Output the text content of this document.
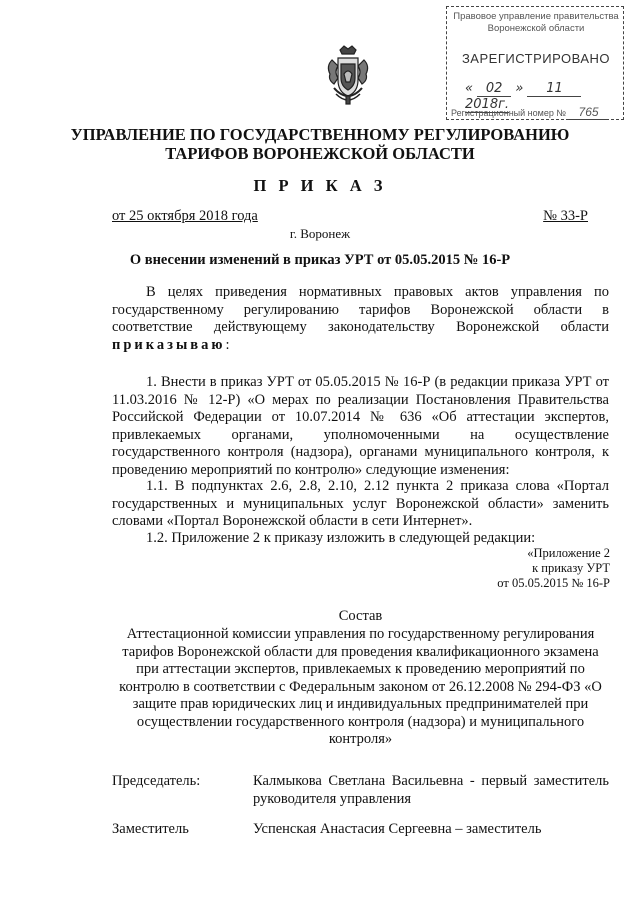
Правовое управление правительства
Воронежской области
ЗАРЕГИСТРИРОВАНО
« 02 » 11 2018г.
Регистрационный номер № 765
УПРАВЛЕНИЕ ПО ГОСУДАРСТВЕННОМУ РЕГУЛИРОВАНИЮ
ТАРИФОВ ВОРОНЕЖСКОЙ ОБЛАСТИ
П Р И К А З
от 25 октября 2018 года	№ 33-Р
г. Воронеж
О внесении изменений в приказ УРТ от 05.05.2015 № 16-Р
В целях приведения нормативных правовых актов управления по государственному регулированию тарифов Воронежской области в соответствие действующему законодательству Воронежской области приказываю:
1. Внести в приказ УРТ от 05.05.2015 № 16-Р (в редакции приказа УРТ от 11.03.2016 № 12-Р) «О мерах по реализации Постановления Правительства Российской Федерации от 10.07.2014 № 636 «Об аттестации экспертов, привлекаемых органами, уполномоченными на осуществление государственного контроля (надзора), органами муниципального контроля, к проведению мероприятий по контролю» следующие изменения:
1.1. В подпунктах 2.6, 2.8, 2.10, 2.12 пункта 2 приказа слова «Портал государственных и муниципальных услуг Воронежской области» заменить словами «Портал Воронежской области в сети Интернет».
1.2. Приложение 2 к приказу изложить в следующей редакции:
«Приложение 2
к приказу УРТ
от 05.05.2015 № 16-Р
Состав
Аттестационной комиссии управления по государственному регулирования тарифов Воронежской области для проведения квалификационного экзамена при аттестации экспертов, привлекаемых к проведению мероприятий по контролю в соответствии с Федеральным законом от 26.12.2008 № 294-ФЗ «О защите прав юридических лиц и индивидуальных предпринимателей при осуществлении государственного контроля (надзора) и муниципального контроля»
Председатель:	Калмыкова Светлана Васильевна - первый заместитель руководителя управления
Заместитель	Успенская Анастасия Сергеевна – заместитель
